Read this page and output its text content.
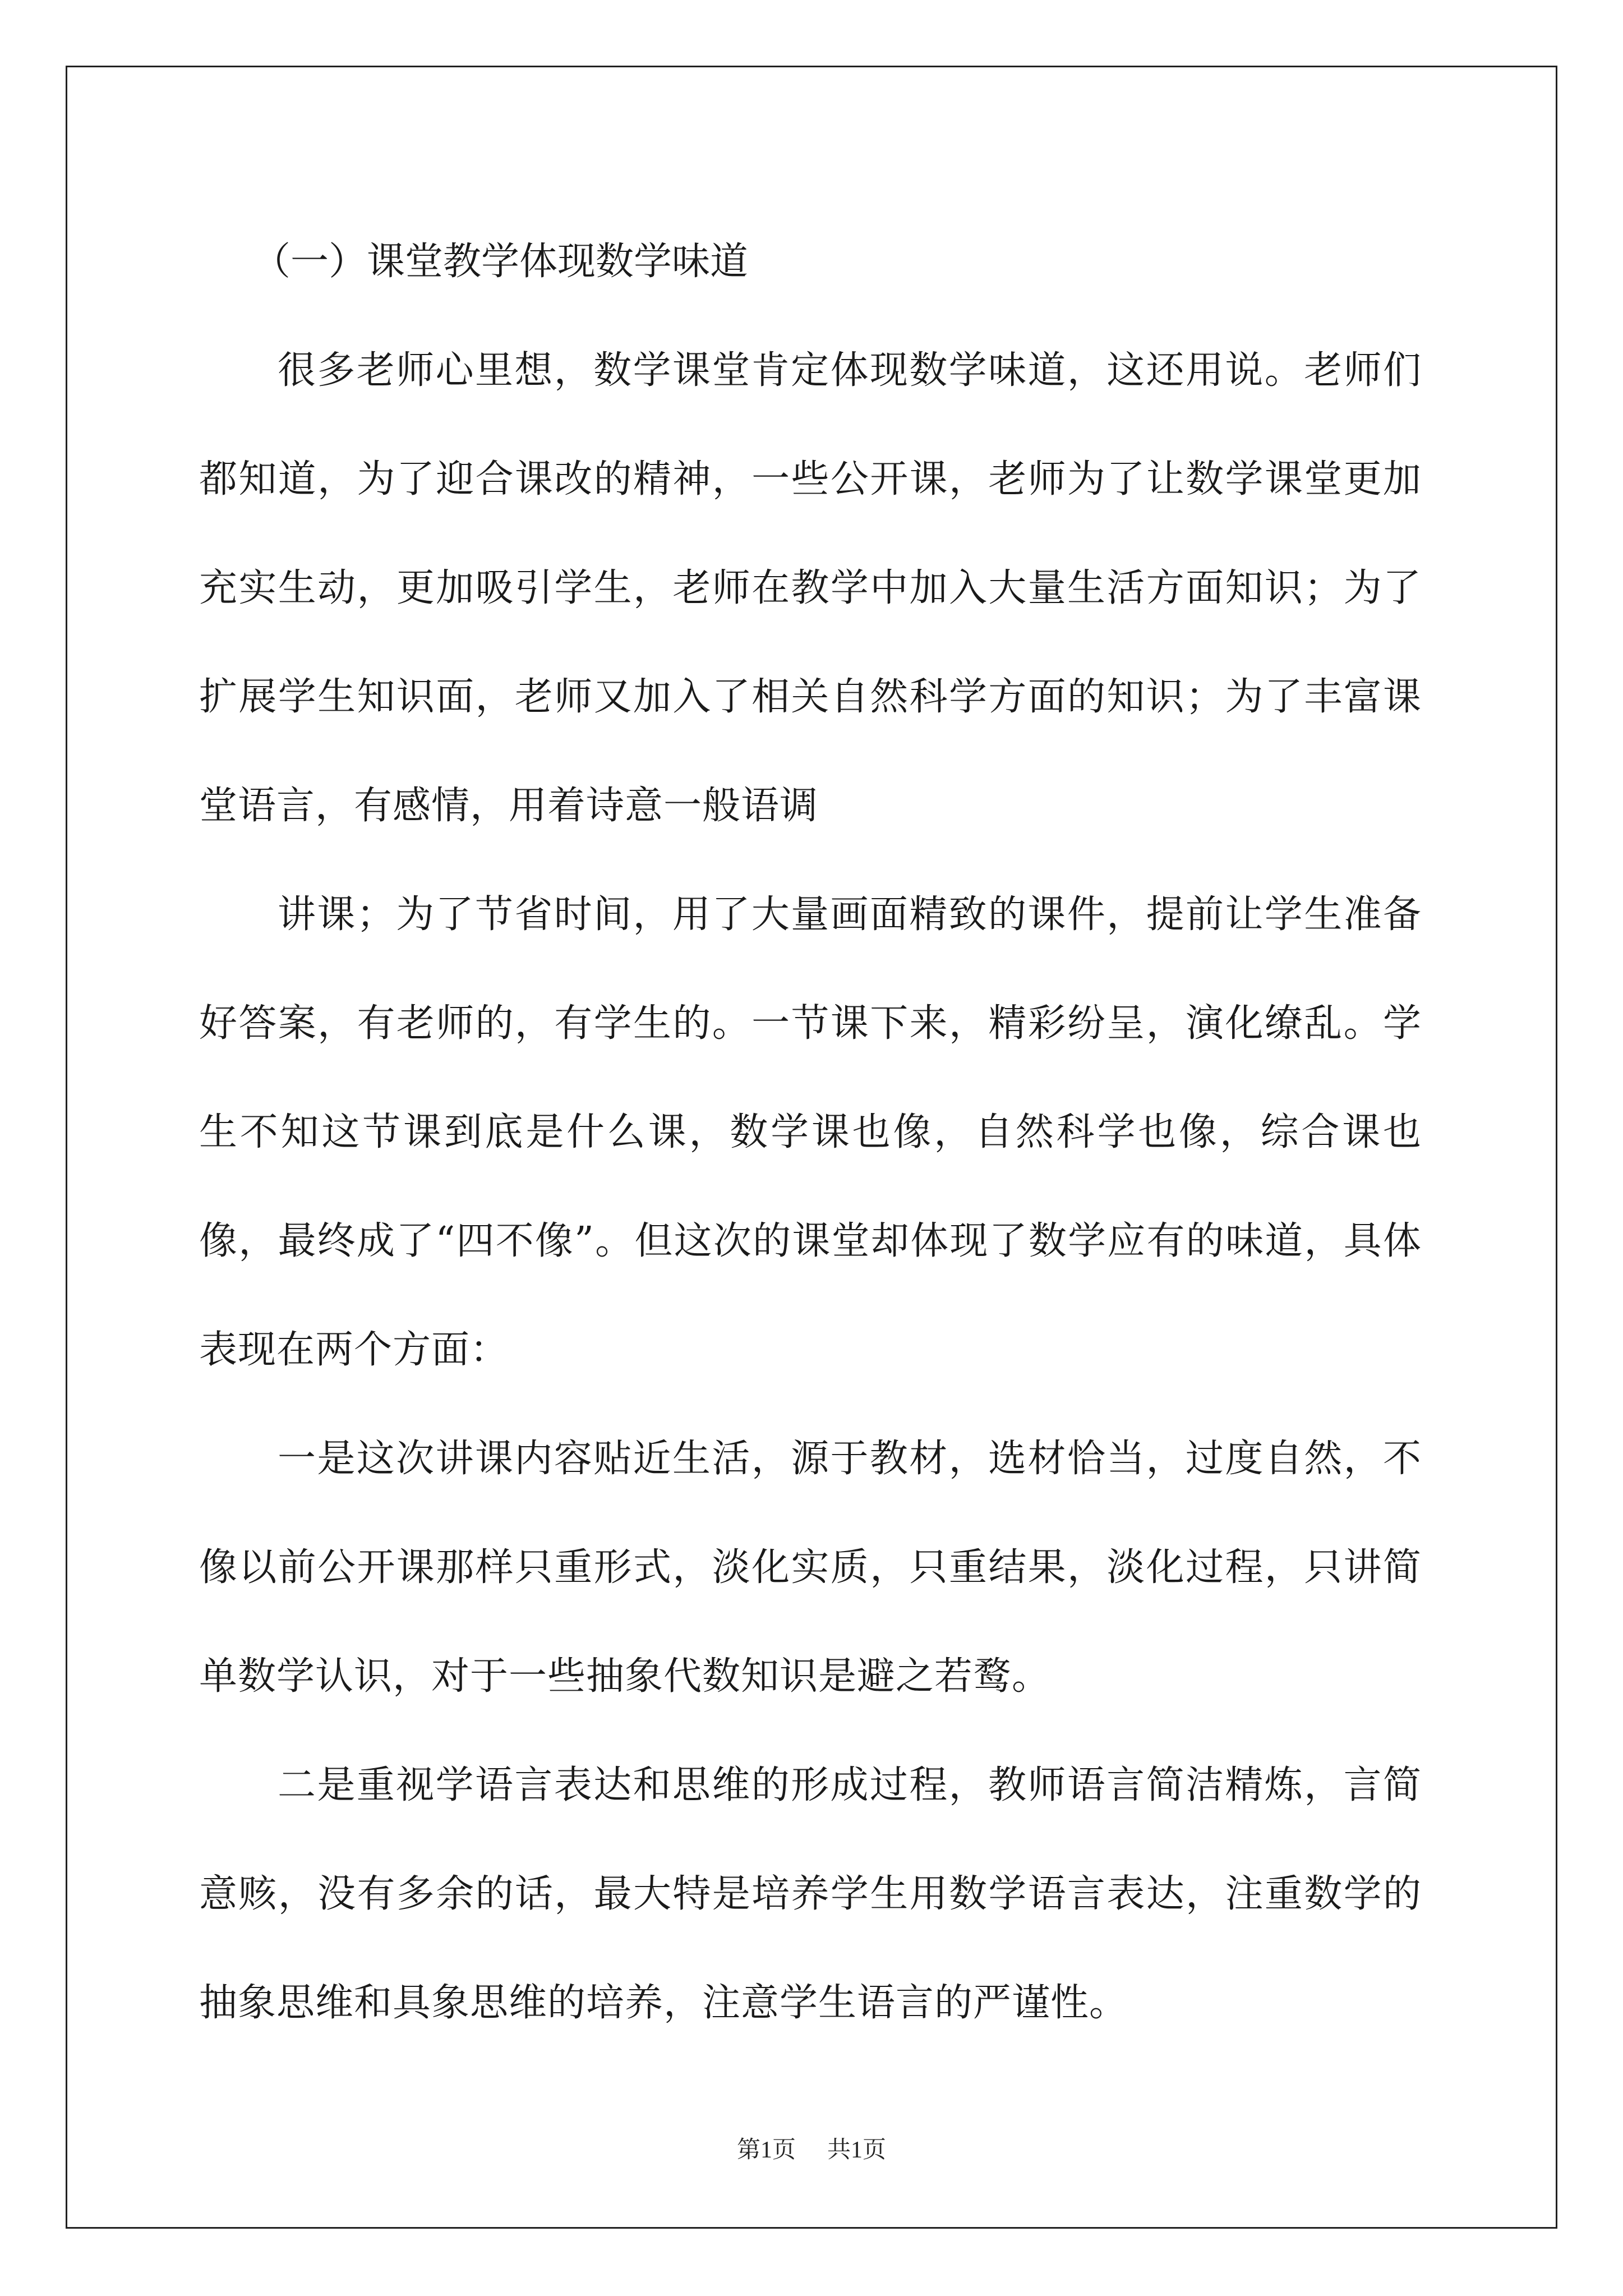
（一）课堂教学体现数学味道

很多老师心里想，数学课堂肯定体现数学味道，这还用说。老师们都知道，为了迎合课改的精神，一些公开课，老师为了让数学课堂更加充实生动，更加吸引学生，老师在教学中加入大量生活方面知识；为了扩展学生知识面，老师又加入了相关自然科学方面的知识；为了丰富课堂语言，有感情，用着诗意一般语调

讲课；为了节省时间，用了大量画面精致的课件，提前让学生准备好答案，有老师的，有学生的。一节课下来，精彩纷呈，演化缭乱。学生不知这节课到底是什么课，数学课也像，自然科学也像，综合课也像，最终成了“四不像”。但这次的课堂却体现了数学应有的味道，具体表现在两个方面：

一是这次讲课内容贴近生活，源于教材，选材恰当，过度自然，不像以前公开课那样只重形式，淡化实质，只重结果，淡化过程，只讲简单数学认识，对于一些抽象代数知识是避之若鹜。

二是重视学语言表达和思维的形成过程，教师语言简洁精炼，言简意赅，没有多余的话，最大特是培养学生用数学语言表达，注重数学的抽象思维和具象思维的培养，注意学生语言的严谨性。

第1页 共1页
